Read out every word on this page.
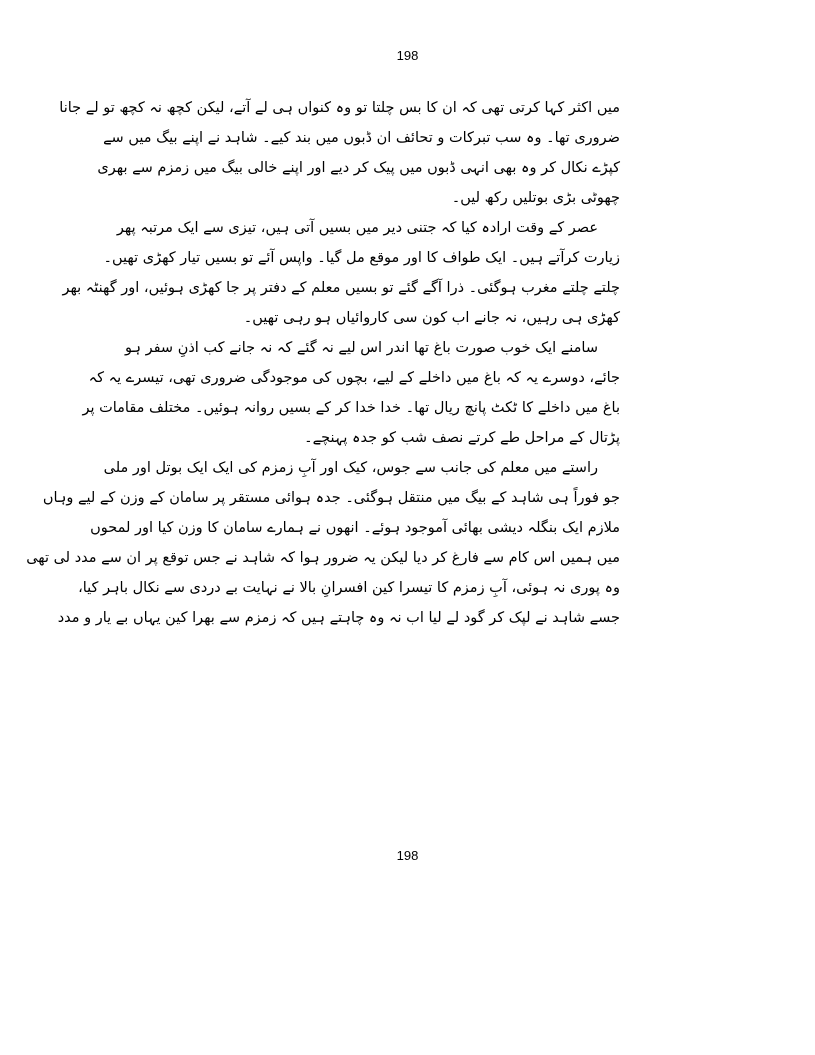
198
میں اکثر کہا کرتی تھی کہ ان کا بس چلتا تو وہ کنواں ہی لے آتے، لیکن کچھ نہ کچھ تو لے جانا
ضروری تھا۔ وہ سب تبرکات و تحائف ان ڈبوں میں بند کیے۔ شاہد نے اپنے بیگ میں سے
کپڑے نکال کر وہ بھی انہی ڈبوں میں پیک کر دیے اور اپنے خالی بیگ میں زمزم سے بھری
چھوٹی بڑی بوتلیں رکھ لیں۔
عصر کے وقت ارادہ کیا کہ جتنی دیر میں بسیں آتی ہیں، تیزی سے ایک مرتبہ پھر
زیارت کرآتے ہیں۔ ایک طواف کا اور موقع مل گیا۔ واپس آئے تو بسیں تیار کھڑی تھیں۔
چلتے چلتے مغرب ہوگئی۔ ذرا آگے گئے تو بسیں معلم کے دفتر پر جا کھڑی ہوئیں، اور گھنٹہ بھر
کھڑی ہی رہیں، نہ جانے اب کون سی کاروائیاں ہو رہی تھیں۔
سامنے ایک خوب صورت باغ تھا اندر اس لیے نہ گئے کہ نہ جانے کب اذنِ سفر ہو
جائے، دوسرے یہ کہ باغ میں داخلے کے لیے، بچوں کی موجودگی ضروری تھی، تیسرے یہ کہ
باغ میں داخلے کا ٹکٹ پانچ ریال تھا۔ خدا خدا کر کے بسیں روانہ ہوئیں۔ مختلف مقامات پر
پڑتال کے مراحل طے کرتے نصف شب کو جدہ پہنچے۔
راستے میں معلم کی جانب سے جوس، کیک اور آبِ زمزم کی ایک ایک بوتل اور ملی
جو فوراً ہی شاہد کے بیگ میں منتقل ہوگئی۔ جدہ ہوائی مستقر پر سامان کے وزن کے لیے وہاں
ملازم ایک بنگلہ دیشی بھائی آموجود ہوئے۔ انھوں نے ہمارے سامان کا وزن کیا اور لمحوں
میں ہمیں اس کام سے فارغ کر دیا لیکن یہ ضرور ہوا کہ شاہد نے جس توقع پر ان سے مدد لی تھی
وہ پوری نہ ہوئی، آبِ زمزم کا تیسرا کین افسرانِ بالا نے نہایت بے دردی سے نکال باہر کیا،
جسے شاہد نے لپک کر گود لے لیا اب نہ وہ چاہتے ہیں کہ زمزم سے بھرا کین یہاں بے یار و مدد
198
